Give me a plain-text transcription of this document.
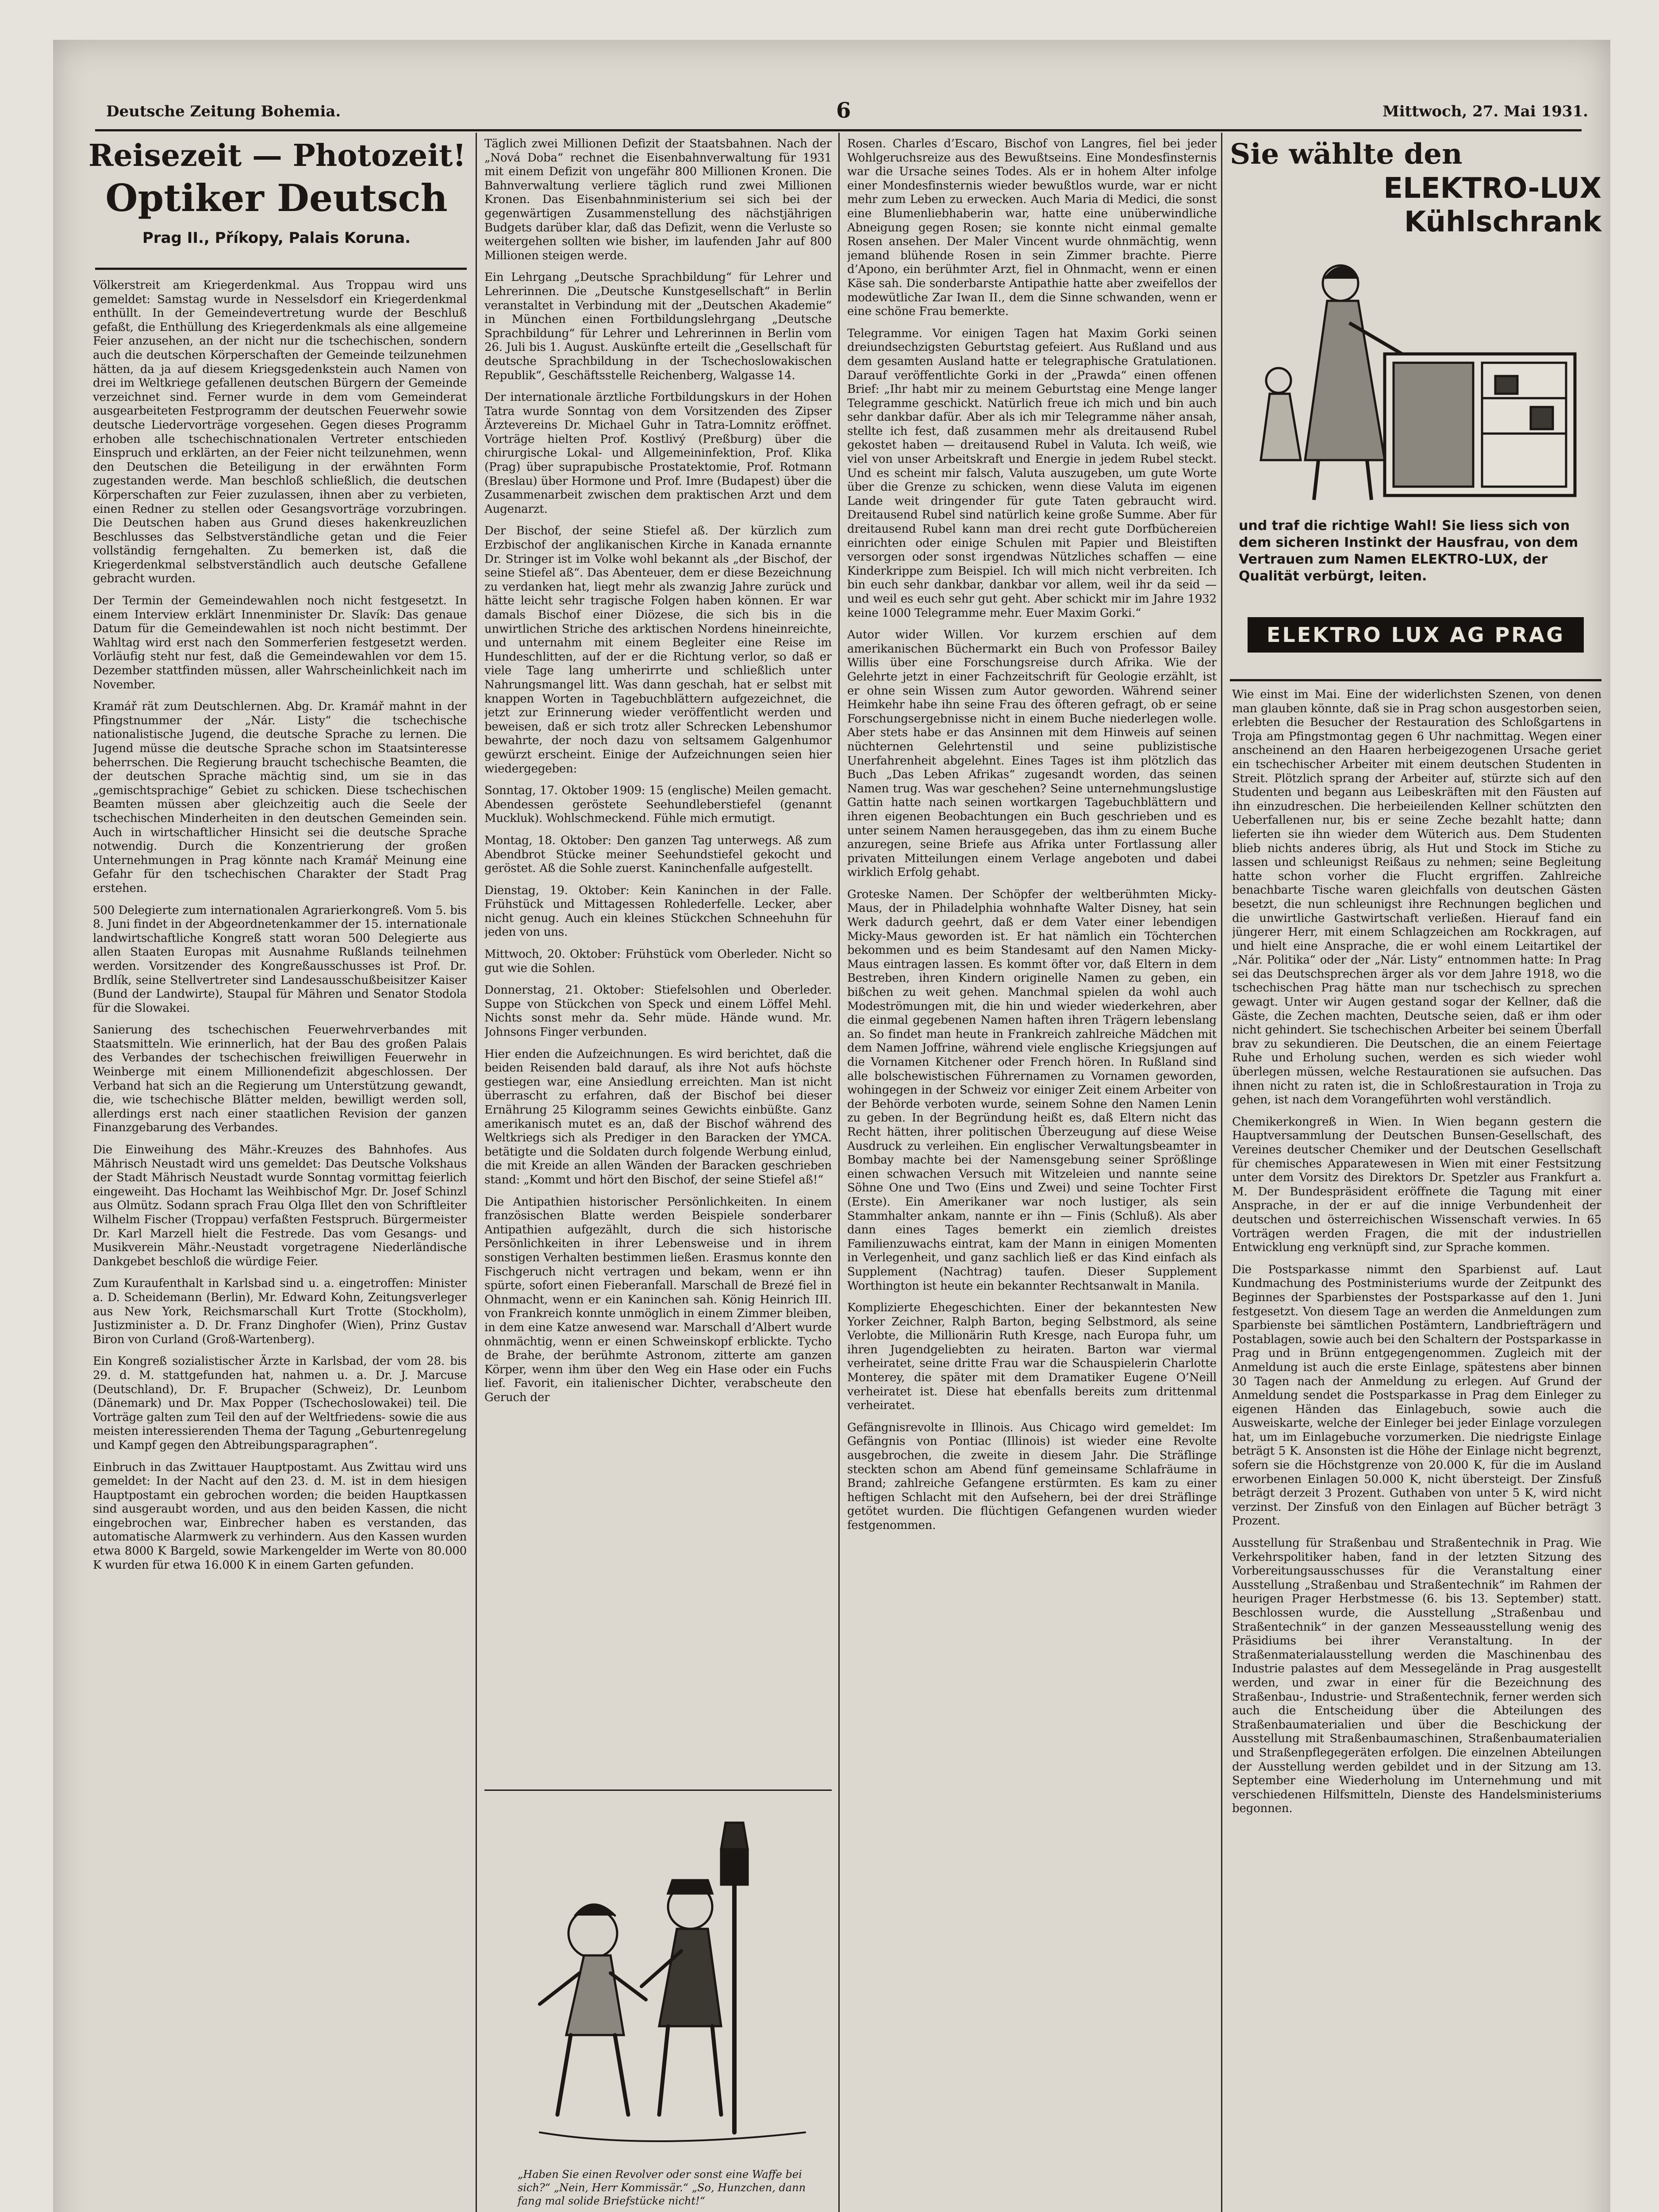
Deutsche Zeitung Bohemia.	6	Mittwoch, 27. Mai 1931.
Reisezeit — Photozeit!
Optiker Deutsch
Prag II., Příkopy, Palais Koruna.

Völkerstreit am Kriegerdenkmal. Aus Troppau wird uns gemeldet: Samstag wurde in Nesselsdorf ein Kriegerdenkmal enthüllt. In der Gemeindevertretung wurde der Beschluß gefaßt, die Enthüllung des Kriegerdenkmals als eine allgemeine Feier anzusehen, an der nicht nur die tschechischen, sondern auch die deutschen Körperschaften der Gemeinde teilzunehmen hätten, da ja auf diesem Kriegsgedenkstein auch Namen von drei im Weltkriege gefallenen deutschen Bürgern der Gemeinde verzeichnet sind. Ferner wurde in dem vom Gemeinderat ausgearbeiteten Festprogramm der deutschen Feuerwehr sowie deutsche Liedervorträge vorgesehen. Gegen dieses Programm erhoben alle tschechischnationalen Vertreter entschieden Einspruch und erklärten, an der Feier nicht teilzunehmen, wenn den Deutschen die Beteiligung in der erwähnten Form zugestanden werde. Man beschloß schließlich, die deutschen Körperschaften zur Feier zuzulassen, ihnen aber zu verbieten, einen Redner zu stellen oder Gesangsvorträge vorzubringen. Die Deutschen haben aus Grund dieses hakenkreuzlichen Beschlusses das Selbstverständliche getan und die Feier vollständig ferngehalten. Zu bemerken ist, daß die Kriegerdenkmal selbstverständlich auch deutsche Gefallene gebracht wurden.

Der Termin der Gemeindewahlen noch nicht festgesetzt. In einem Interview erklärt Innenminister Dr. Slavík: Das genaue Datum für die Gemeindewahlen ist noch nicht bestimmt. Der Wahltag wird erst nach den Sommerferien festgesetzt werden. Vorläufig steht nur fest, daß die Gemeindewahlen vor dem 15. Dezember stattfinden müssen, aller Wahrscheinlichkeit nach im November.

Kramář rät zum Deutschlernen. Abg. Dr. Kramář mahnt in der Pfingstnummer der „Nár. Listy“ die tschechische nationalistische Jugend, die deutsche Sprache zu lernen. Die Jugend müsse die deutsche Sprache schon im Staatsinteresse beherrschen. Die Regierung braucht tschechische Beamten, die der deutschen Sprache mächtig sind, um sie in das „gemischtsprachige“ Gebiet zu schicken. Diese tschechischen Beamten müssen aber gleichzeitig auch die Seele der tschechischen Minderheiten in den deutschen Gemeinden sein. Auch in wirtschaftlicher Hinsicht sei die deutsche Sprache notwendig. Durch die Konzentrierung der großen Unternehmungen in Prag könnte nach Kramář Meinung eine Gefahr für den tschechischen Charakter der Stadt Prag erstehen.

500 Delegierte zum internationalen Agrarierkongreß. Vom 5. bis 8. Juni findet in der Abgeordnetenkammer der 15. internationale landwirtschaftliche Kongreß statt woran 500 Delegierte aus allen Staaten Europas mit Ausnahme Rußlands teilnehmen werden. Vorsitzender des Kongreßausschusses ist Prof. Dr. Brdlík, seine Stellvertreter sind Landesausschußbeisitzer Kaiser (Bund der Landwirte), Staupal für Mähren und Senator Stodola für die Slowakei.

Sanierung des tschechischen Feuerwehrverbandes mit Staatsmitteln. Wie erinnerlich, hat der Bau des großen Palais des Verbandes der tschechischen freiwilligen Feuerwehr in Weinberge mit einem Millionendefizit abgeschlossen. Der Verband hat sich an die Regierung um Unterstützung gewandt, die, wie tschechische Blätter melden, bewilligt werden soll, allerdings erst nach einer staatlichen Revision der ganzen Finanzgebarung des Verbandes.

Die Einweihung des Mähr.-Kreuzes des Bahnhofes. Aus Mährisch Neustadt wird uns gemeldet: Das Deutsche Volkshaus der Stadt Mährisch Neustadt wurde Sonntag vormittag feierlich eingeweiht. Das Hochamt las Weihbischof Mgr. Dr. Josef Schinzl aus Olmütz. Sodann sprach Frau Olga Illet den von Schriftleiter Wilhelm Fischer (Troppau) verfaßten Festspruch. Bürgermeister Dr. Karl Marzell hielt die Festrede. Das vom Gesangs- und Musikverein Mähr.-Neustadt vorgetragene Niederländische Dankgebet beschloß die würdige Feier.

Zum Kuraufenthalt in Karlsbad sind u. a. eingetroffen: Minister a. D. Scheidemann (Berlin), Mr. Edward Kohn, Zeitungsverleger aus New York, Reichsmarschall Kurt Trotte (Stockholm), Justizminister a. D. Dr. Franz Dinghofer (Wien), Prinz Gustav Biron von Curland (Groß-Wartenberg).

Ein Kongreß sozialistischer Ärzte in Karlsbad, der vom 28. bis 29. d. M. stattgefunden hat, nahmen u. a. Dr. J. Marcuse (Deutschland), Dr. F. Brupacher (Schweiz), Dr. Leunbom (Dänemark) und Dr. Max Popper (Tschechoslowakei) teil. Die Vorträge galten zum Teil den auf der Weltfriedens- sowie die aus meisten interessierenden Thema der Tagung „Geburtenregelung und Kampf gegen den Abtreibungsparagraphen“.

Einbruch in das Zwittauer Hauptpostamt. Aus Zwittau wird uns gemeldet: In der Nacht auf den 23. d. M. ist in dem hiesigen Hauptpostamt ein gebrochen worden; die beiden Hauptkassen sind ausgeraubt worden, und aus den beiden Kassen, die nicht eingebrochen war, Einbrecher haben es verstanden, das automatische Alarmwerk zu verhindern. Aus den Kassen wurden etwa 8000 K Bargeld, sowie Markengelder im Werte von 80.000 K wurden für etwa 16.000 K in einem Garten gefunden.

Täglich zwei Millionen Defizit der Staatsbahnen. Nach der „Nová Doba“ rechnet die Eisenbahnverwaltung für 1931 mit einem Defizit von ungefähr 800 Millionen Kronen. Die Bahnverwaltung verliere täglich rund zwei Millionen Kronen. Das Eisenbahnministerium sei sich bei der gegenwärtigen Zusammenstellung des nächstjährigen Budgets darüber klar, daß das Defizit, wenn die Verluste so weitergehen sollten wie bisher, im laufenden Jahr auf 800 Millionen steigen werde.

Ein Lehrgang „Deutsche Sprachbildung“ für Lehrer und Lehrerinnen. Die „Deutsche Kunstgesellschaft“ in Berlin veranstaltet in Verbindung mit der „Deutschen Akademie“ in München einen Fortbildungslehrgang „Deutsche Sprachbildung“ für Lehrer und Lehrerinnen in Berlin vom 26. Juli bis 1. August. Auskünfte erteilt die „Gesellschaft für deutsche Sprachbildung in der Tschechoslowakischen Republik“, Geschäftsstelle Reichenberg, Walgasse 14.

Der internationale ärztliche Fortbildungskurs in der Hohen Tatra wurde Sonntag von dem Vorsitzenden des Zipser Ärztevereins Dr. Michael Guhr in Tatra-Lomnitz eröffnet. Vorträge hielten Prof. Kostlivý (Preßburg) über die chirurgische Lokal- und Allgemeininfektion, Prof. Klika (Prag) über suprapubische Prostatektomie, Prof. Rotmann (Breslau) über Hormone und Prof. Imre (Budapest) über die Zusammenarbeit zwischen dem praktischen Arzt und dem Augenarzt.

Der Bischof, der seine Stiefel aß. Der kürzlich zum Erzbischof der anglikanischen Kirche in Kanada ernannte Dr. Stringer ist im Volke wohl bekannt als „der Bischof, der seine Stiefel aß“. Das Abenteuer, dem er diese Bezeichnung zu verdanken hat, liegt mehr als zwanzig Jahre zurück und hätte leicht sehr tragische Folgen haben können. Er war damals Bischof einer Diözese, die sich bis in die unwirtlichen Striche des arktischen Nordens hineinreichte, und unternahm mit einem Begleiter eine Reise im Hundeschlitten, auf der er die Richtung verlor, so daß er viele Tage lang umherirrte und schließlich unter Nahrungsmangel litt. Was dann geschah, hat er selbst mit knappen Worten in Tagebuchblättern aufgezeichnet, die jetzt zur Erinnerung wieder veröffentlicht werden und beweisen, daß er sich trotz aller Schrecken Lebenshumor bewahrte, der noch dazu von seltsamem Galgenhumor gewürzt erscheint. Einige der Aufzeichnungen seien hier wiedergegeben:

Sonntag, 17. Oktober 1909: 15 (englische) Meilen gemacht. Abendessen geröstete Seehundleberstiefel (genannt Muckluk). Wohlschmeckend. Fühle mich ermutigt.

Montag, 18. Oktober: Den ganzen Tag unterwegs. Aß zum Abendbrot Stücke meiner Seehundstiefel gekocht und geröstet. Aß die Sohle zuerst. Kaninchenfalle aufgestellt.

Dienstag, 19. Oktober: Kein Kaninchen in der Falle. Frühstück und Mittagessen Rohlederfelle. Lecker, aber nicht genug. Auch ein kleines Stückchen Schneehuhn für jeden von uns.

Mittwoch, 20. Oktober: Frühstück vom Oberleder. Nicht so gut wie die Sohlen.

Donnerstag, 21. Oktober: Stiefelsohlen und Oberleder. Suppe von Stückchen von Speck und einem Löffel Mehl. Nichts sonst mehr da. Sehr müde. Hände wund. Mr. Johnsons Finger verbunden.

Hier enden die Aufzeichnungen. Es wird berichtet, daß die beiden Reisenden bald darauf, als ihre Not aufs höchste gestiegen war, eine Ansiedlung erreichten. Man ist nicht überrascht zu erfahren, daß der Bischof bei dieser Ernährung 25 Kilogramm seines Gewichts einbüßte. Ganz amerikanisch mutet es an, daß der Bischof während des Weltkriegs sich als Prediger in den Baracken der YMCA. betätigte und die Soldaten durch folgende Werbung einlud, die mit Kreide an allen Wänden der Baracken geschrieben stand: „Kommt und hört den Bischof, der seine Stiefel aß!“

Die Antipathien historischer Persönlichkeiten. In einem französischen Blatte werden Beispiele sonderbarer Antipathien aufgezählt, durch die sich historische Persönlichkeiten in ihrer Lebensweise und in ihrem sonstigen Verhalten bestimmen ließen. Erasmus konnte den Fischgeruch nicht vertragen und bekam, wenn er ihn spürte, sofort einen Fieberanfall. Marschall de Brezé fiel in Ohnmacht, wenn er ein Kaninchen sah. König Heinrich III. von Frankreich konnte unmöglich in einem Zimmer bleiben, in dem eine Katze anwesend war. Marschall d’Albert wurde ohnmächtig, wenn er einen Schweinskopf erblickte. Tycho de Brahe, der berühmte Astronom, zitterte am ganzen Körper, wenn ihm über den Weg ein Hase oder ein Fuchs lief. Favorit, ein italienischer Dichter, verabscheute den Geruch der

„Haben Sie einen Revolver oder sonst eine Waffe bei sich?“ „Nein, Herr Kommissär.“ „So, Hunzchen, dann fang mal solide Briefstücke nicht!“

Rosen. Charles d’Escaro, Bischof von Langres, fiel bei jeder Wohlgeruchsreize aus des Bewußtseins. Eine Mondesfinsternis war die Ursache seines Todes. Als er in hohem Alter infolge einer Mondesfinsternis wieder bewußtlos wurde, war er nicht mehr zum Leben zu erwecken. Auch Maria di Medici, die sonst eine Blumenliebhaberin war, hatte eine unüberwindliche Abneigung gegen Rosen; sie konnte nicht einmal gemalte Rosen ansehen. Der Maler Vincent wurde ohnmächtig, wenn jemand blühende Rosen in sein Zimmer brachte. Pierre d’Apono, ein berühmter Arzt, fiel in Ohnmacht, wenn er einen Käse sah. Die sonderbarste Antipathie hatte aber zweifellos der modewütliche Zar Iwan II., dem die Sinne schwanden, wenn er eine schöne Frau bemerkte.

Telegramme. Vor einigen Tagen hat Maxim Gorki seinen dreiundsechzigsten Geburtstag gefeiert. Aus Rußland und aus dem gesamten Ausland hatte er telegraphische Gratulationen. Darauf veröffentlichte Gorki in der „Prawda“ einen offenen Brief: „Ihr habt mir zu meinem Geburtstag eine Menge langer Telegramme geschickt. Natürlich freue ich mich und bin auch sehr dankbar dafür. Aber als ich mir Telegramme näher ansah, stellte ich fest, daß zusammen mehr als dreitausend Rubel gekostet haben — dreitausend Rubel in Valuta. Ich weiß, wie viel von unser Arbeitskraft und Energie in jedem Rubel steckt. Und es scheint mir falsch, Valuta auszugeben, um gute Worte über die Grenze zu schicken, wenn diese Valuta im eigenen Lande weit dringender für gute Taten gebraucht wird. Dreitausend Rubel sind natürlich keine große Summe. Aber für dreitausend Rubel kann man drei recht gute Dorfbüchereien einrichten oder einige Schulen mit Papier und Bleistiften versorgen oder sonst irgendwas Nützliches schaffen — eine Kinderkrippe zum Beispiel. Ich will mich nicht verbreiten. Ich bin euch sehr dankbar, dankbar vor allem, weil ihr da seid — und weil es euch sehr gut geht. Aber schickt mir im Jahre 1932 keine 1000 Telegramme mehr. Euer Maxim Gorki.“

Autor wider Willen. Vor kurzem erschien auf dem amerikanischen Büchermarkt ein Buch von Professor Bailey Willis über eine Forschungsreise durch Afrika. Wie der Gelehrte jetzt in einer Fachzeitschrift für Geologie erzählt, ist er ohne sein Wissen zum Autor geworden. Während seiner Heimkehr habe ihn seine Frau des öfteren gefragt, ob er seine Forschungsergebnisse nicht in einem Buche niederlegen wolle. Aber stets habe er das Ansinnen mit dem Hinweis auf seinen nüchternen Gelehrtenstil und seine publizistische Unerfahrenheit abgelehnt. Eines Tages ist ihm plötzlich das Buch „Das Leben Afrikas“ zugesandt worden, das seinen Namen trug. Was war geschehen? Seine unternehmungslustige Gattin hatte nach seinen wortkargen Tagebuchblättern und ihren eigenen Beobachtungen ein Buch geschrieben und es unter seinem Namen herausgegeben, das ihm zu einem Buche anzuregen, seine Briefe aus Afrika unter Fortlassung aller privaten Mitteilungen einem Verlage angeboten und dabei wirklich Erfolg gehabt.

Groteske Namen. Der Schöpfer der weltberühmten Micky-Maus, der in Philadelphia wohnhafte Walter Disney, hat sein Werk dadurch geehrt, daß er dem Vater einer lebendigen Micky-Maus geworden ist. Er hat nämlich ein Töchterchen bekommen und es beim Standesamt auf den Namen Micky-Maus eintragen lassen. Es kommt öfter vor, daß Eltern in dem Bestreben, ihren Kindern originelle Namen zu geben, ein bißchen zu weit gehen. Manchmal spielen da wohl auch Modeströmungen mit, die hin und wieder wiederkehren, aber die einmal gegebenen Namen haften ihren Trägern lebenslang an. So findet man heute in Frankreich zahlreiche Mädchen mit dem Namen Joffrine, während viele englische Kriegsjungen auf die Vornamen Kitchener oder French hören. In Rußland sind alle bolschewistischen Führernamen zu Vornamen geworden, wohingegen in der Schweiz vor einiger Zeit einem Arbeiter von der Behörde verboten wurde, seinem Sohne den Namen Lenin zu geben. In der Begründung heißt es, daß Eltern nicht das Recht hätten, ihrer politischen Überzeugung auf diese Weise Ausdruck zu verleihen. Ein englischer Verwaltungsbeamter in Bombay machte bei der Namensgebung seiner Sprößlinge einen schwachen Versuch mit Witzeleien und nannte seine Söhne One und Two (Eins und Zwei) und seine Tochter First (Erste). Ein Amerikaner war noch lustiger, als sein Stammhalter ankam, nannte er ihn — Finis (Schluß). Als aber dann eines Tages bemerkt ein ziemlich dreistes Familienzuwachs eintrat, kam der Mann in einigen Momenten in Verlegenheit, und ganz sachlich ließ er das Kind einfach als Supplement (Nachtrag) taufen. Dieser Supplement Worthington ist heute ein bekannter Rechtsanwalt in Manila.

Komplizierte Ehegeschichten. Einer der bekanntesten New Yorker Zeichner, Ralph Barton, beging Selbstmord, als seine Verlobte, die Millionärin Ruth Kresge, nach Europa fuhr, um ihren Jugendgeliebten zu heiraten. Barton war viermal verheiratet, seine dritte Frau war die Schauspielerin Charlotte Monterey, die später mit dem Dramatiker Eugene O’Neill verheiratet ist. Diese hat ebenfalls bereits zum drittenmal verheiratet.

Gefängnisrevolte in Illinois. Aus Chicago wird gemeldet: Im Gefängnis von Pontiac (Illinois) ist wieder eine Revolte ausgebrochen, die zweite in diesem Jahr. Die Sträflinge steckten schon am Abend fünf gemeinsame Schlafräume in Brand; zahlreiche Gefangene erstürmten. Es kam zu einer heftigen Schlacht mit den Aufsehern, bei der drei Sträflinge getötet wurden. Die flüchtigen Gefangenen wurden wieder festgenommen.

Sie wählte den
ELEKTRO-LUX
Kühlschrank
und traf die richtige Wahl! Sie liess sich von dem sicheren Instinkt der Hausfrau, von dem Vertrauen zum Namen ELEKTRO-LUX, der Qualität verbürgt, leiten.
ELEKTRO LUX AG PRAG

Wie einst im Mai. Eine der widerlichsten Szenen, von denen man glauben könnte, daß sie in Prag schon ausgestorben seien, erlebten die Besucher der Restauration des Schloßgartens in Troja am Pfingstmontag gegen 6 Uhr nachmittag. Wegen einer anscheinend an den Haaren herbeigezogenen Ursache geriet ein tschechischer Arbeiter mit einem deutschen Studenten in Streit. Plötzlich sprang der Arbeiter auf, stürzte sich auf den Studenten und begann aus Leibeskräften mit den Fäusten auf ihn einzudreschen. Die herbeieilenden Kellner schützten den Ueberfallenen nur, bis er seine Zeche bezahlt hatte; dann lieferten sie ihn wieder dem Wüterich aus. Dem Studenten blieb nichts anderes übrig, als Hut und Stock im Stiche zu lassen und schleunigst Reißaus zu nehmen; seine Begleitung hatte schon vorher die Flucht ergriffen. Zahlreiche benachbarte Tische waren gleichfalls von deutschen Gästen besetzt, die nun schleunigst ihre Rechnungen beglichen und die unwirtliche Gastwirtschaft verließen. Hierauf fand ein jüngerer Herr, mit einem Schlagzeichen am Rockkragen, auf und hielt eine Ansprache, die er wohl einem Leitartikel der „Nár. Politika“ oder der „Nár. Listy“ entnommen hatte: In Prag sei das Deutschsprechen ärger als vor dem Jahre 1918, wo die tschechischen Prag hätte man nur tschechisch zu sprechen gewagt. Unter wir Augen gestand sogar der Kellner, daß die Gäste, die Zechen machten, Deutsche seien, daß er ihm oder nicht gehindert. Sie tschechischen Arbeiter bei seinem Überfall brav zu sekundieren. Die Deutschen, die an einem Feiertage Ruhe und Erholung suchen, werden es sich wieder wohl überlegen müssen, welche Restaurationen sie aufsuchen. Das ihnen nicht zu raten ist, die in Schloßrestauration in Troja zu gehen, ist nach dem Vorangeführten wohl verständlich.

Chemikerkongreß in Wien. In Wien begann gestern die Hauptversammlung der Deutschen Bunsen-Gesellschaft, des Vereines deutscher Chemiker und der Deutschen Gesellschaft für chemisches Apparatewesen in Wien mit einer Festsitzung unter dem Vorsitz des Direktors Dr. Spetzler aus Frankfurt a. M. Der Bundespräsident eröffnete die Tagung mit einer Ansprache, in der er auf die innige Verbundenheit der deutschen und österreichischen Wissenschaft verwies. In 65 Vorträgen werden Fragen, die mit der industriellen Entwicklung eng verknüpft sind, zur Sprache kommen.

Die Postsparkasse nimmt den Sparbienst auf. Laut Kundmachung des Postministeriums wurde der Zeitpunkt des Beginnes der Sparbienstes der Postsparkasse auf den 1. Juni festgesetzt. Von diesem Tage an werden die Anmeldungen zum Sparbienste bei sämtlichen Postämtern, Landbriefträgern und Postablagen, sowie auch bei den Schaltern der Postsparkasse in Prag und in Brünn entgegengenommen. Zugleich mit der Anmeldung ist auch die erste Einlage, spätestens aber binnen 30 Tagen nach der Anmeldung zu erlegen. Auf Grund der Anmeldung sendet die Postsparkasse in Prag dem Einleger zu eigenen Händen das Einlagebuch, sowie auch die Ausweiskarte, welche der Einleger bei jeder Einlage vorzulegen hat, um im Einlagebuche vorzumerken. Die niedrigste Einlage beträgt 5 K. Ansonsten ist die Höhe der Einlage nicht begrenzt, sofern sie die Höchstgrenze von 20.000 K, für die im Ausland erworbenen Einlagen 50.000 K, nicht übersteigt. Der Zinsfuß beträgt derzeit 3 Prozent. Guthaben von unter 5 K, wird nicht verzinst. Der Zinsfuß von den Einlagen auf Bücher beträgt 3 Prozent.

Ausstellung für Straßenbau und Straßentechnik in Prag. Wie Verkehrspolitiker haben, fand in der letzten Sitzung des Vorbereitungsausschusses für die Veranstaltung einer Ausstellung „Straßenbau und Straßentechnik“ im Rahmen der heurigen Prager Herbstmesse (6. bis 13. September) statt. Beschlossen wurde, die Ausstellung „Straßenbau und Straßentechnik“ in der ganzen Messeausstellung wenig des Präsidiums bei ihrer Veranstaltung. In der Straßenmaterialausstellung werden die Maschinenbau des Industrie palastes auf dem Messegelände in Prag ausgestellt werden, und zwar in einer für die Bezeichnung des Straßenbau-, Industrie- und Straßentechnik, ferner werden sich auch die Entscheidung über die Abteilungen des Straßenbaumaterialien und über die Beschickung der Ausstellung mit Straßenbaumaschinen, Straßenbaumaterialien und Straßenpflegegeräten erfolgen. Die einzelnen Abteilungen der Ausstellung werden gebildet und in der Sitzung am 13. September eine Wiederholung im Unternehmung und mit verschiedenen Hilfsmitteln, Dienste des Handelsministeriums begonnen.
